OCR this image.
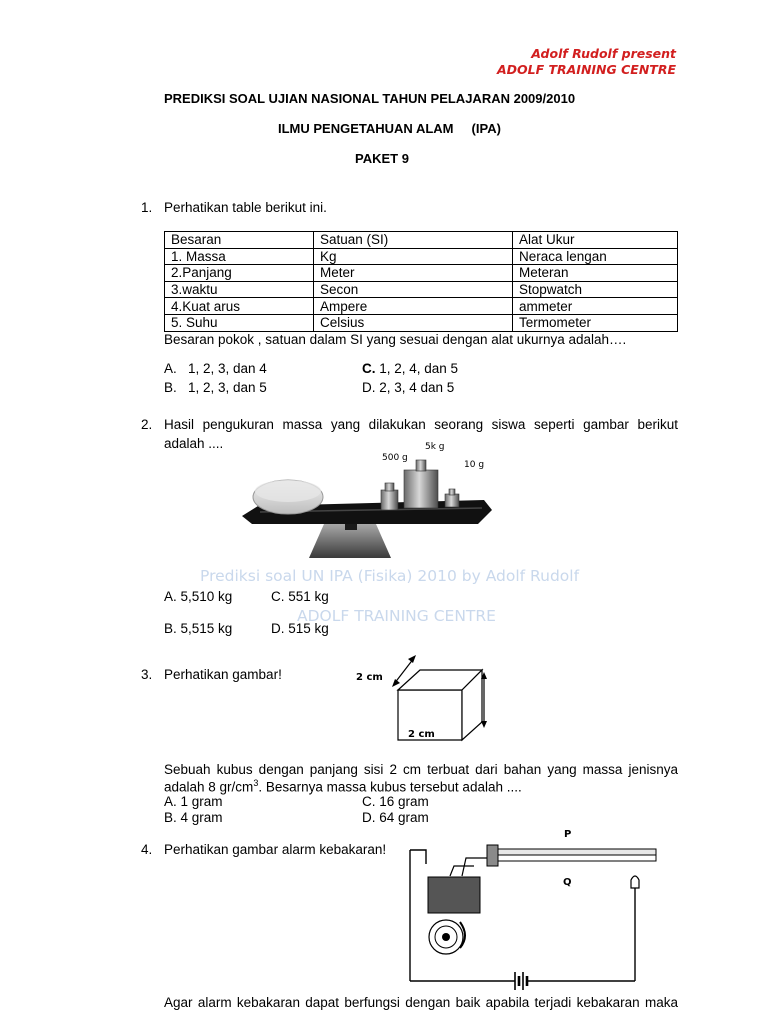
Adolf Rudolf present
ADOLF TRAINING CENTRE
PREDIKSI SOAL UJIAN NASIONAL TAHUN PELAJARAN 2009/2010
ILMU PENGETAHUAN ALAM     (IPA)
PAKET 9
1. Perhatikan table berikut ini.
Besaran	Satuan (SI)	Alat Ukur
1. Massa	Kg	Neraca lengan
2.Panjang	Meter	Meteran
3.waktu	Secon	Stopwatch
4.Kuat arus	Ampere	ammeter
5. Suhu	Celsius	Termometer
Besaran pokok , satuan dalam SI yang sesuai dengan alat ukurnya adalah….
A.   1, 2, 3, dan 4
B.   1, 2, 3, dan 5
C. 1, 2, 4, dan 5
D. 2, 3, 4 dan 5
2. Hasil pengukuran massa yang dilakukan seorang siswa seperti gambar berikut
adalah ....
500 g
5k g
10 g
Prediksi soal UN IPA (Fisika) 2010 by Adolf Rudolf
ADOLF TRAINING CENTRE
A. 5,510 kg	C. 551 kg
B. 5,515 kg	D. 515 kg
3. Perhatikan gambar!	2 cm
2 cm
Sebuah kubus dengan panjang sisi 2 cm terbuat dari bahan yang massa jenisnya
adalah 8 $gr/cm^3$. Besarnya massa kubus tersebut adalah ....
A. 1 gram	C. 16 gram
B. 4 gram	D. 64 gram
4. Perhatikan gambar alarm kebakaran!
P
Q
Agar alarm kebakaran dapat berfungsi dengan baik apabila terjadi kebakaran maka
